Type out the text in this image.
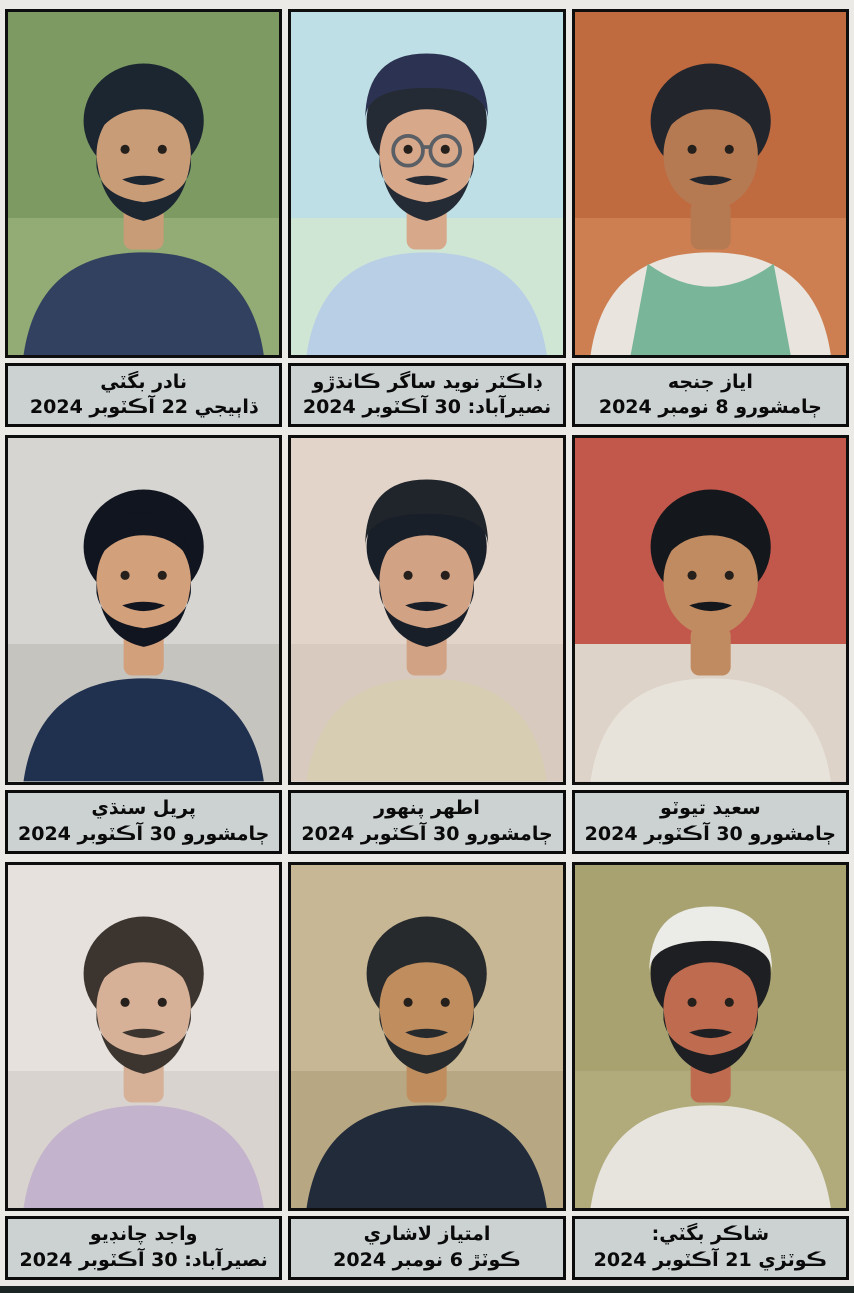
نادر بگٽي
ڌاٻيجي 22 آڪٽوبر 2024
ڊاڪٽر نويد ساگر ڪانڌڙو
نصيرآباد: 30 آڪٽوبر 2024
اياز جنجه
ڄامشورو 8 نومبر 2024
پريل سنڌي
ڄامشورو 30 آڪٽوبر 2024
اطهر پنهور
ڄامشورو 30 آڪٽوبر 2024
سعيد تيوٽو
ڄامشورو 30 آڪٽوبر 2024
واجد چانڊيو
نصيرآباد: 30 آڪٽوبر 2024
امتياز لاشاري
ڪوٽڙ 6 نومبر 2024
شاڪر بگٽي:
ڪوٽڙي 21 آڪٽوبر 2024
